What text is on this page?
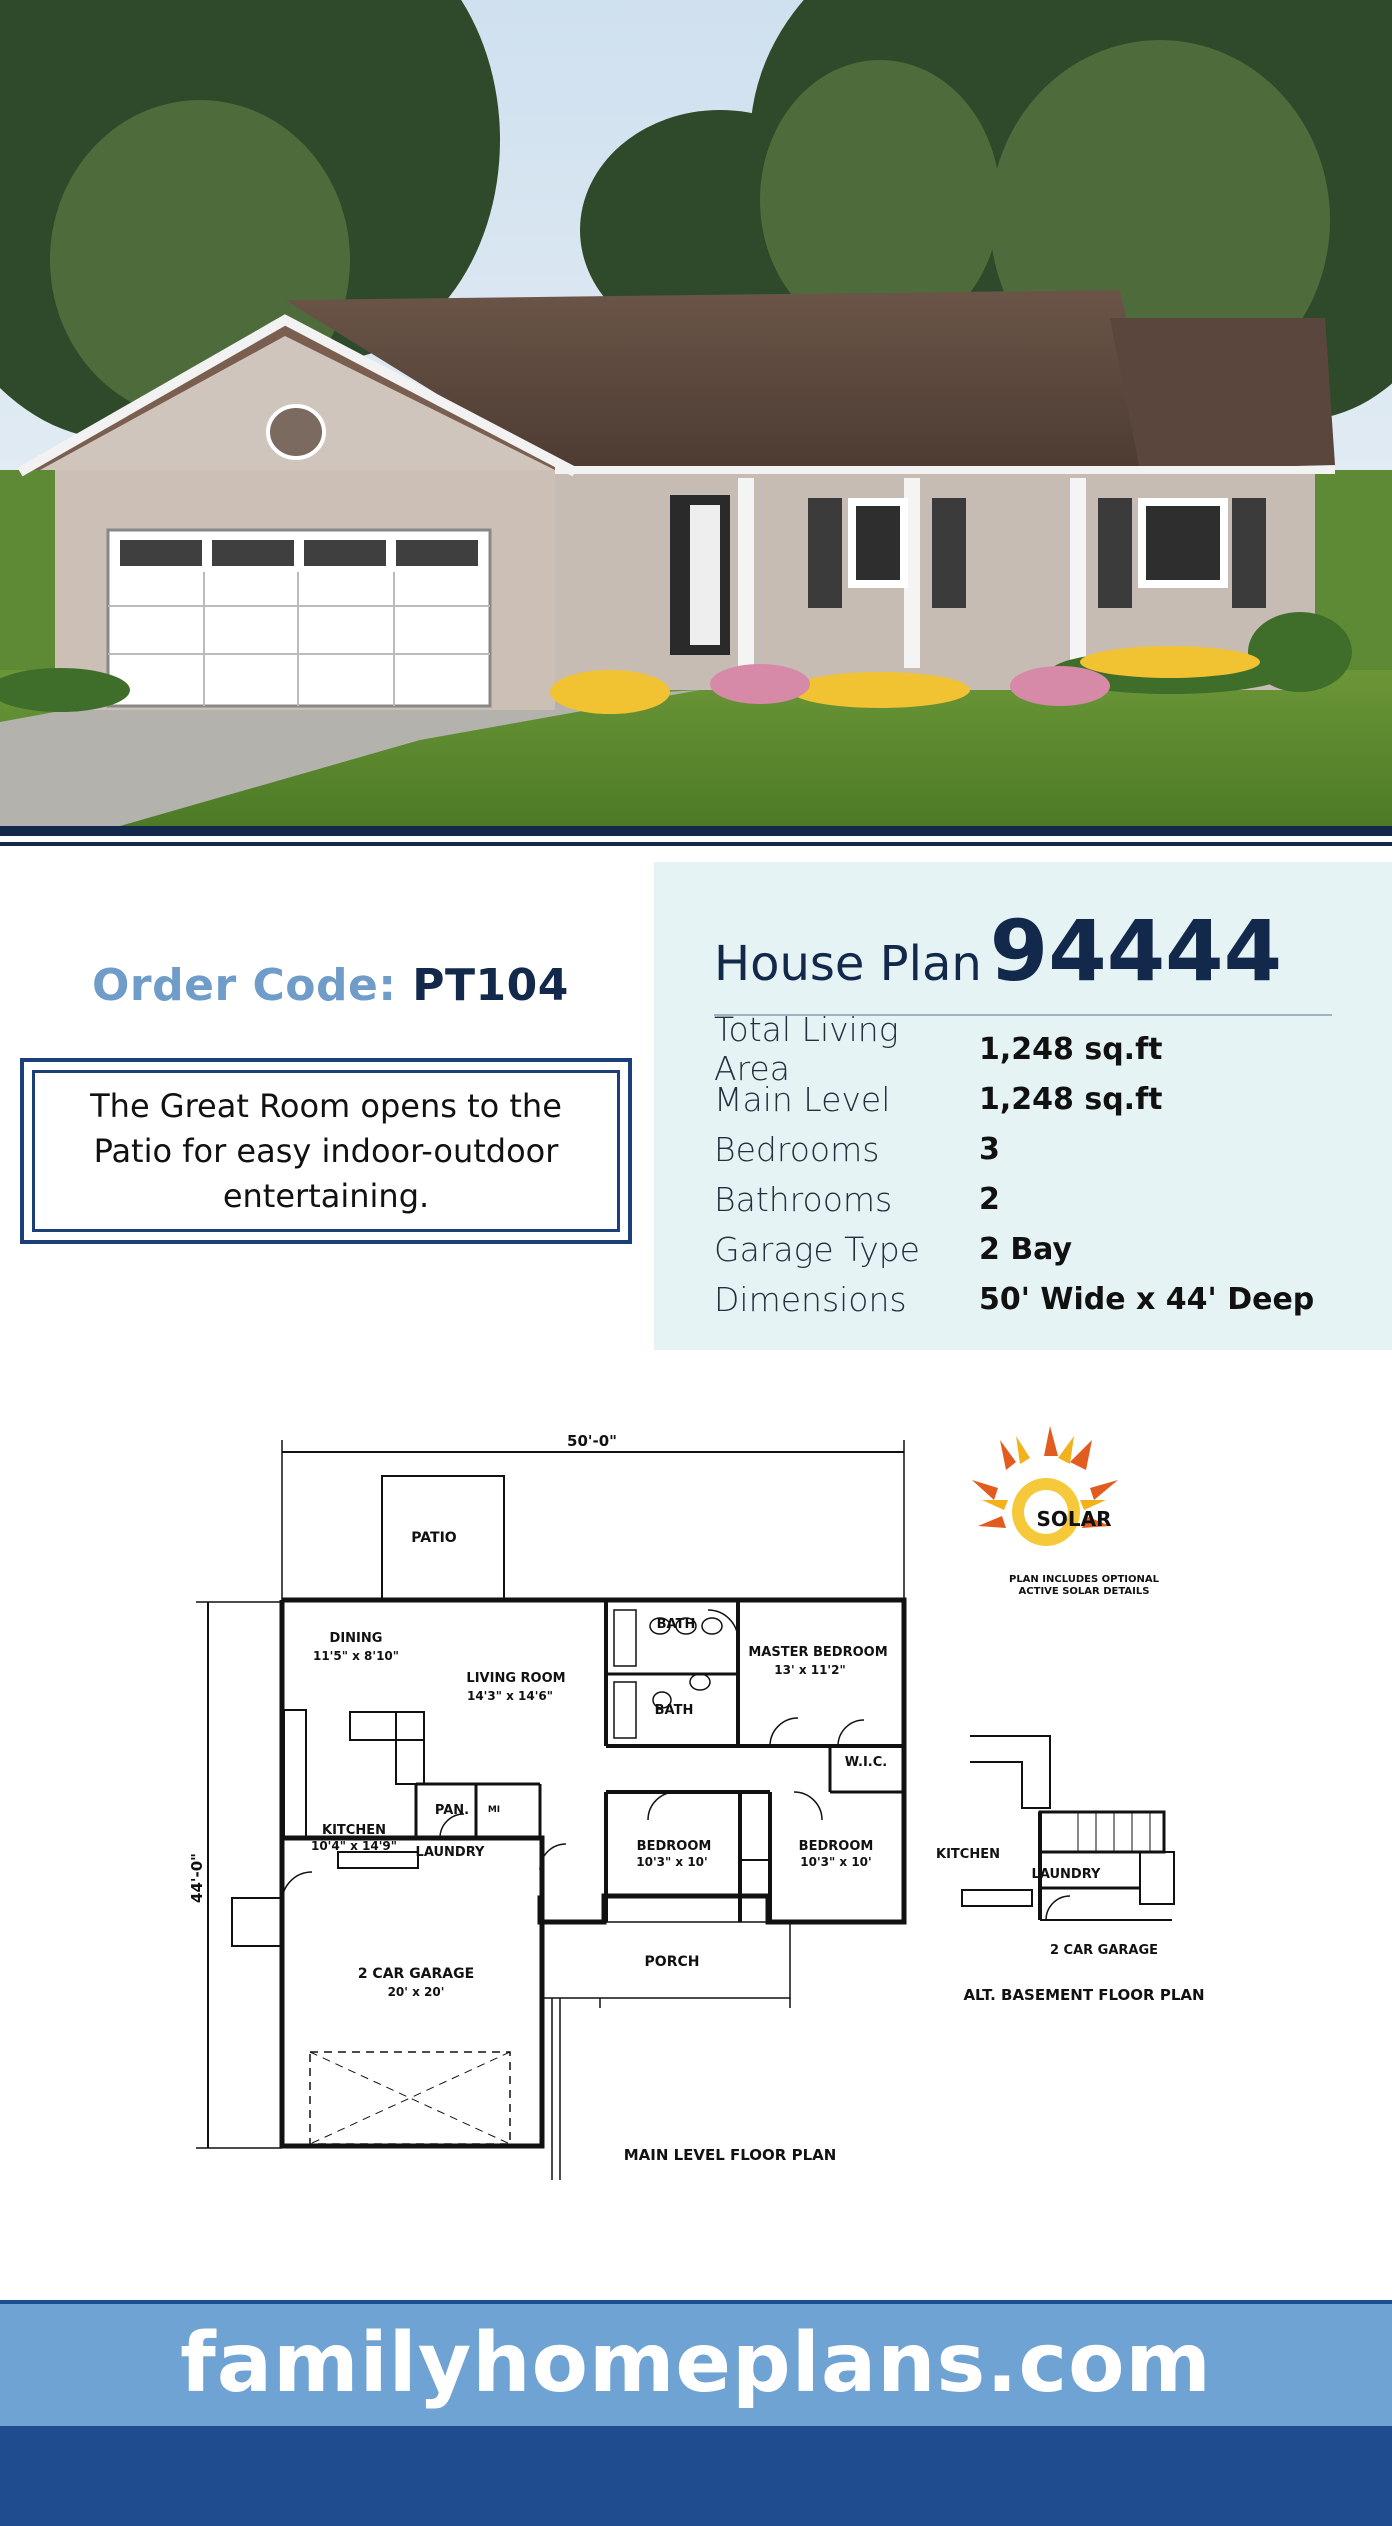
Order Code: PT104
The Great Room opens to the Patio for easy indoor-outdoor entertaining.
House Plan94444
Total Living Area	1,248 sq.ft
Main Level	1,248 sq.ft
Bedrooms	3
Bathrooms	2
Garage Type	2 Bay
Dimensions	50' Wide x 44' Deep
50'-0"
44'-0"
PATIO
DINING
11'5" x 8'10"
LIVING ROOM
14'3" x 14'6"
BATH
BATH
MASTER BEDROOM
13' x 11'2"
W.I.C.
PAN. MI
KITCHEN
10'4" x 14'9" LAUNDRY	BEDROOM
10'3" x 10'
BEDROOM
10'3" x 10'
2 CAR GARAGE
20' x 20'
PORCH
MAIN LEVEL FLOOR PLAN
KITCHEN
LAUNDRY
2 CAR GARAGE
ALT. BASEMENT FLOOR PLAN
SOLAR
PLAN INCLUDES OPTIONAL
ACTIVE SOLAR DETAILS
familyhomeplans.com
